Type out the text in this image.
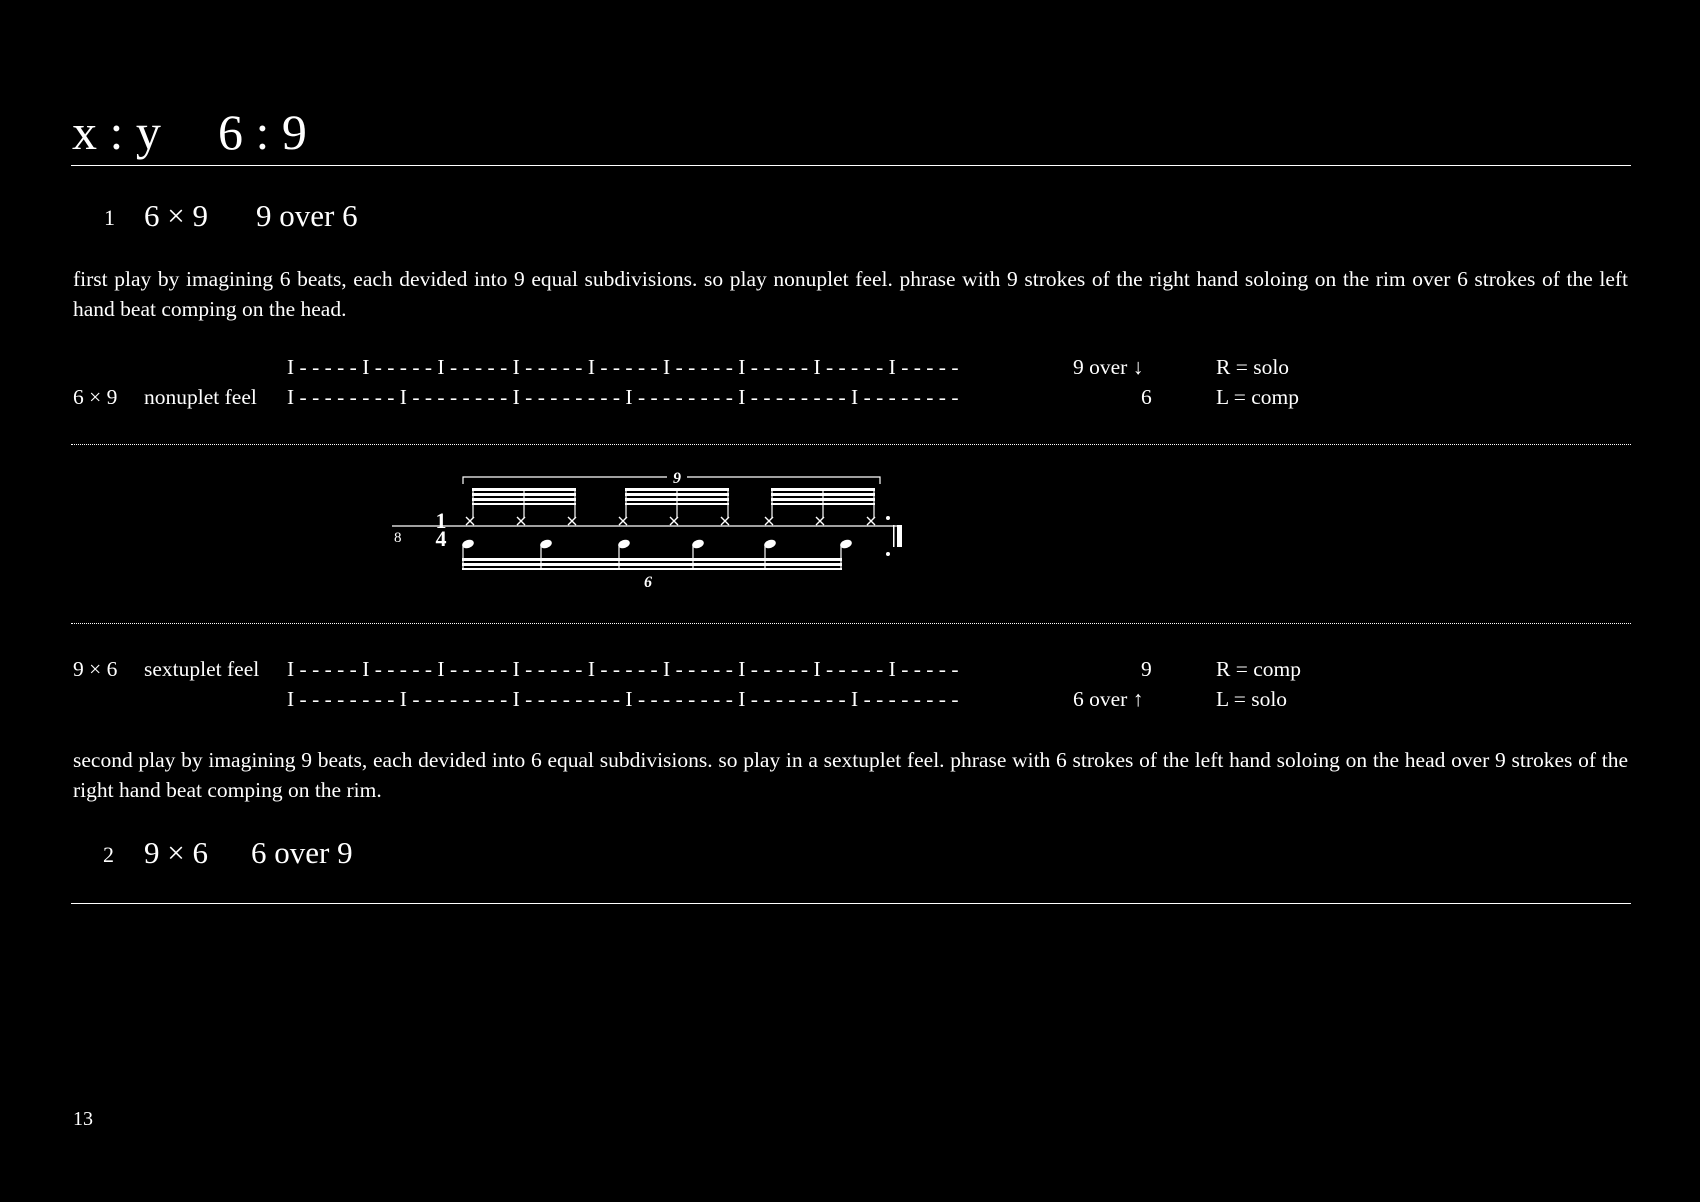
x : y 6 : 9
1 6 × 9 9 over 6
first play by imagining 6 beats, each devided into 9 equal subdivisions. so play nonuplet feel. phrase with 9 strokes of the right hand soloing on the rim over 6 strokes of the left hand beat comping on the head.
I - - - - - I - - - - - I - - - - - I - - - - - I - - - - - I - - - - - I - - - - - I - - - - - I - - - - -	9 over ↓	R = solo
6 × 9 nonuplet feel I - - - - - - - - I - - - - - - - - I - - - - - - - - I - - - - - - - - I - - - - - - - - I - - - - - - - -	6	L = comp
9
8
1
4
6
9 × 6 sextuplet feel I - - - - - I - - - - - I - - - - - I - - - - - I - - - - - I - - - - - I - - - - - I - - - - - I - - - - -	9	R = comp
I - - - - - - - - I - - - - - - - - I - - - - - - - - I - - - - - - - - I - - - - - - - - I - - - - - - - -	6 over ↑	L = solo
second play by imagining 9 beats, each devided into 6 equal subdivisions. so play in a sextuplet feel. phrase with 6 strokes of the left hand soloing on the head over 9 strokes of the right hand beat comping on the rim.
2 9 × 6 6 over 9
13
